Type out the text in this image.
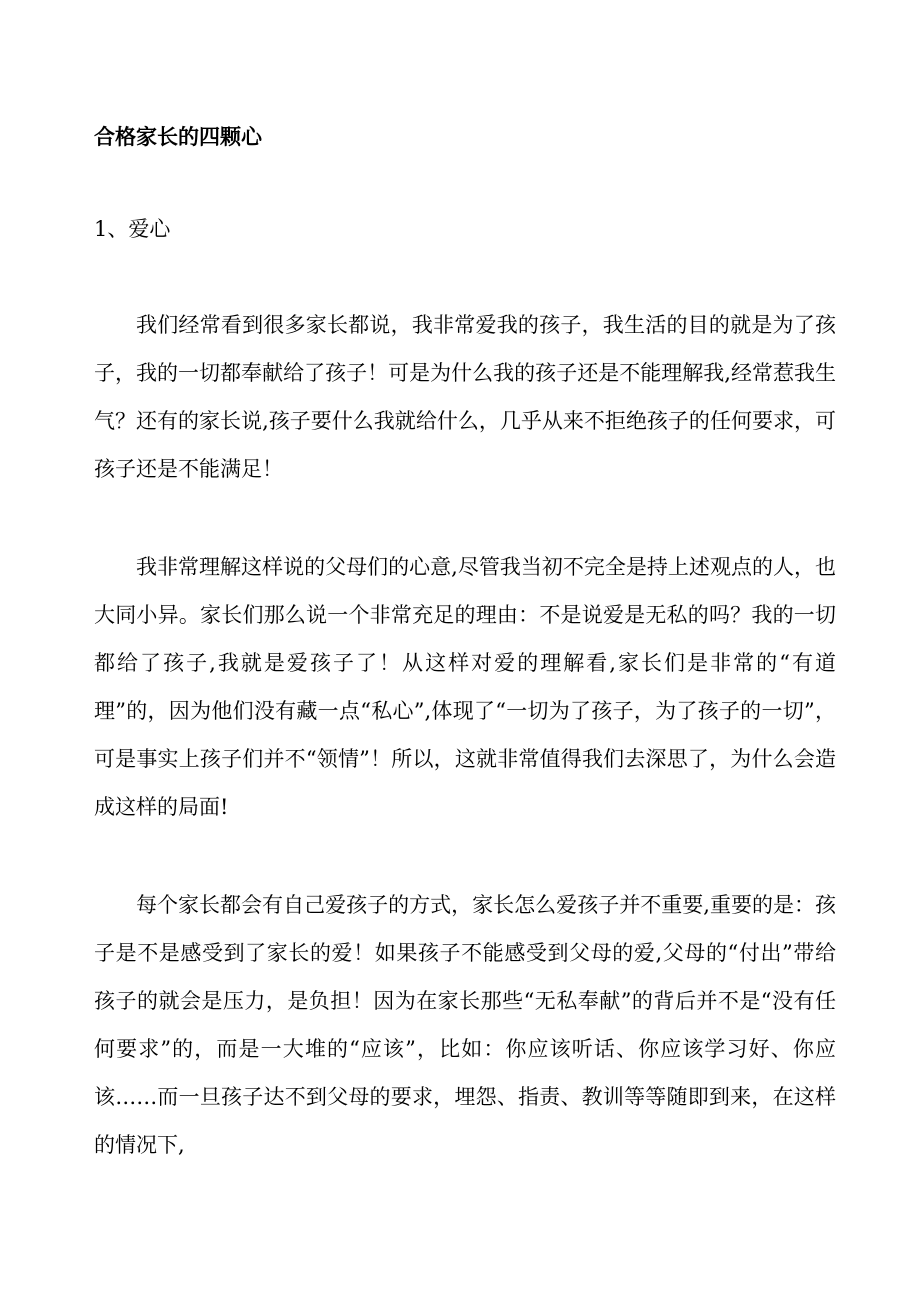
合格家长的四颗心
1、爱心

我们经常看到很多家长都说，我非常爱我的孩子，我生活的目的就是为了孩子，我的一切都奉献给了孩子！可是为什么我的孩子还是不能理解我,经常惹我生气？还有的家长说,孩子要什么我就给什么，几乎从来不拒绝孩子的任何要求，可孩子还是不能满足！

我非常理解这样说的父母们的心意,尽管我当初不完全是持上述观点的人，也大同小异。家长们那么说一个非常充足的理由：不是说爱是无私的吗？我的一切都给了孩子,我就是爱孩子了！从这样对爱的理解看,家长们是非常的“有道理”的，因为他们没有藏一点“私心”,体现了“一切为了孩子，为了孩子的一切”，可是事实上孩子们并不“领情”！所以，这就非常值得我们去深思了，为什么会造成这样的局面!

每个家长都会有自己爱孩子的方式，家长怎么爱孩子并不重要,重要的是：孩子是不是感受到了家长的爱！如果孩子不能感受到父母的爱,父母的“付出”带给孩子的就会是压力，是负担！因为在家长那些“无私奉献”的背后并不是“没有任何要求”的，而是一大堆的“应该”，比如：你应该听话、你应该学习好、你应该……而一旦孩子达不到父母的要求，埋怨、指责、教训等等随即到来，在这样的情况下,
